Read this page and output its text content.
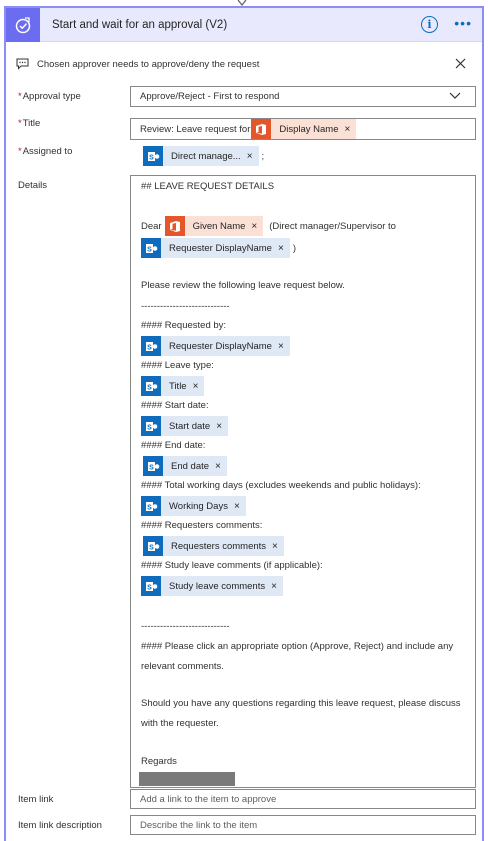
Start and wait for an approval (V2)	i	•••
Chosen approver needs to approve/deny the request
*Approval type	Approve/Reject - First to respond
*Title	Review: Leave request for	Display Name ×
*Assigned to
S	Direct manage... × ;
Details	## LEAVE REQUEST DETAILS
Dear	Given Name ×	(Direct manager/Supervisor to
S	Requester DisplayName × )
Please review the following leave request below.
----------------------------
#### Requested by:
S	Requester DisplayName ×
#### Leave type:
S	Title ×
#### Start date:
S	Start date ×
#### End date:
S	End date ×
#### Total working days (excludes weekends and public holidays):
S	Working Days ×
#### Requesters comments:
S	Requesters comments ×
#### Study leave comments (if applicable):
S	Study leave comments ×
----------------------------
#### Please click an appropriate option (Approve, Reject) and include any
relevant comments.
Should you have any questions regarding this leave request, please discuss
with the requester.
Regards
Item link	Add a link to the item to approve
Item link description	Describe the link to the item
